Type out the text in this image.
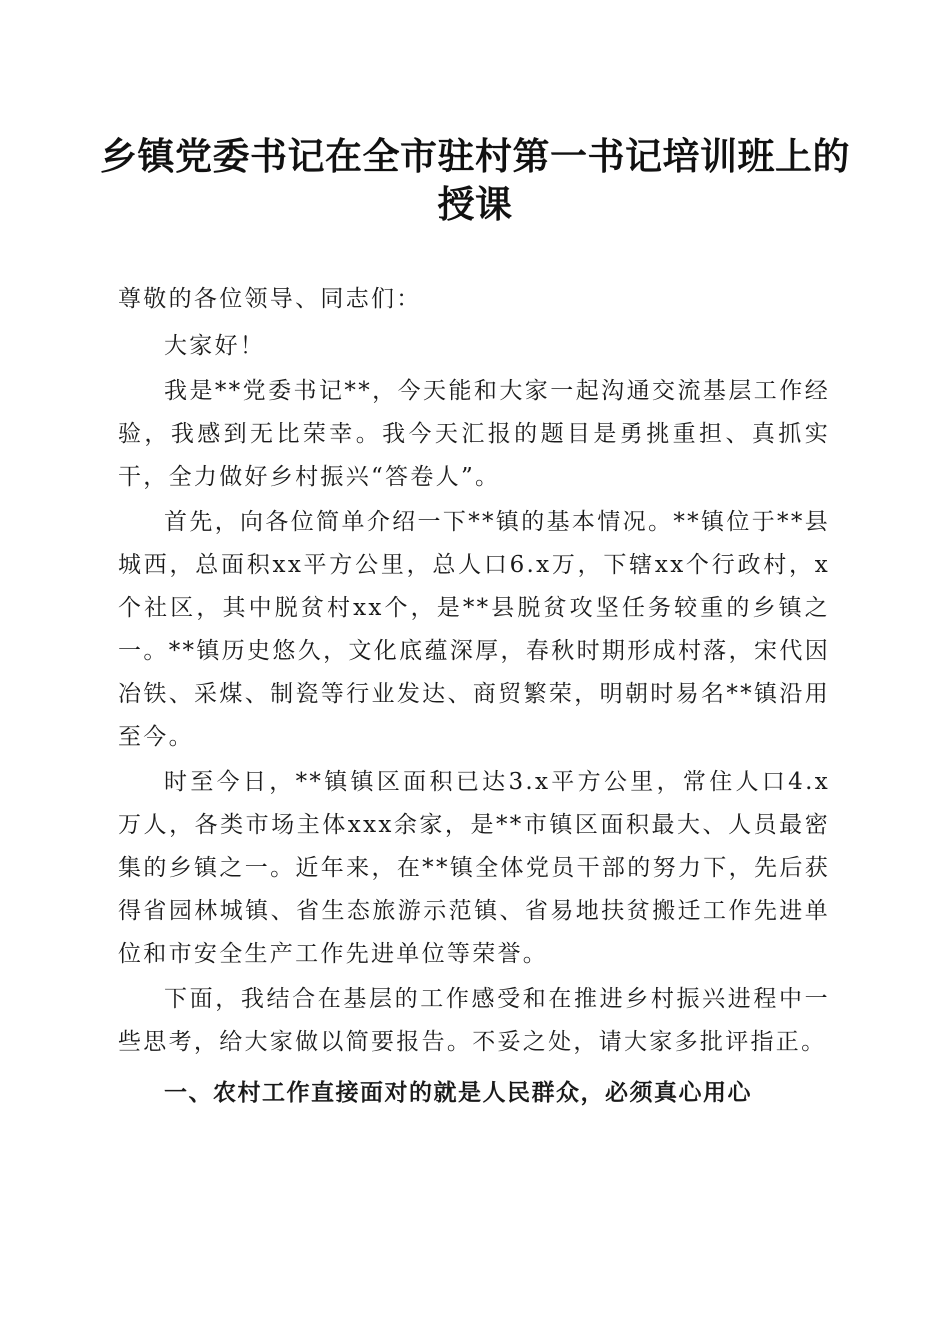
乡镇党委书记在全市驻村第一书记培训班上的
授课

尊敬的各位领导、同志们：

大家好！

我是**党委书记**，今天能和大家一起沟通交流基层工作经验，我感到无比荣幸。我今天汇报的题目是勇挑重担、真抓实干，全力做好乡村振兴“答卷人”。

首先，向各位简单介绍一下**镇的基本情况。**镇位于**县城西，总面积xx平方公里，总人口6.x万，下辖xx个行政村，x个社区，其中脱贫村xx个，是**县脱贫攻坚任务较重的乡镇之一。**镇历史悠久，文化底蕴深厚，春秋时期形成村落，宋代因冶铁、采煤、制瓷等行业发达、商贸繁荣，明朝时易名**镇沿用至今。

时至今日，**镇镇区面积已达3.x平方公里，常住人口4.x万人，各类市场主体xxx余家，是**市镇区面积最大、人员最密集的乡镇之一。近年来，在**镇全体党员干部的努力下，先后获得省园林城镇、省生态旅游示范镇、省易地扶贫搬迁工作先进单位和市安全生产工作先进单位等荣誉。

下面，我结合在基层的工作感受和在推进乡村振兴进程中一些思考，给大家做以简要报告。不妥之处，请大家多批评指正。

一、农村工作直接面对的就是人民群众，必须真心用心
